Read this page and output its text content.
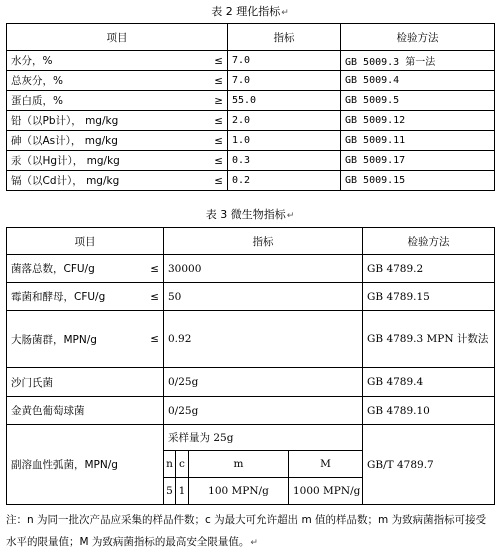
表 2 理化指标↵
项目	指标	检验方法
水分，% ≤	7.0	GB 5009.3 第一法
总灰分，% ≤	7.0	GB 5009.4
蛋白质，% ≥	55.0	GB 5009.5
铅（以Pb计）， mg/kg ≤	2.0	GB 5009.12
砷（以As计）， mg/kg ≤	1.0	GB 5009.11
汞（以Hg计）， mg/kg ≤	0.3	GB 5009.17
镉（以Cd计）， mg/kg ≤	0.2	GB 5009.15
表 3 微生物指标↵
项目	指标				检验方法
菌落总数，CFU/g ≤	30000				GB 4789.2
霉菌和酵母，CFU/g ≤	50				GB 4789.15
大肠菌群，MPN/g ≤	0.92				GB 4789.3 MPN 计数法
沙门氏菌	0/25g				GB 4789.4
金黄色葡萄球菌	0/25g				GB 4789.10
副溶血性弧菌，MPN/g	采样量为 25g				GB/T 4789.7
	n	c	m	M	
	5	1	100 MPN/g	1000 MPN/g	
注：n 为同一批次产品应采集的样品件数；c 为最大可允许超出 m 值的样品数；m 为致病菌指标可接受水平的限量值；M 为致病菌指标的最高安全限量值。↵
